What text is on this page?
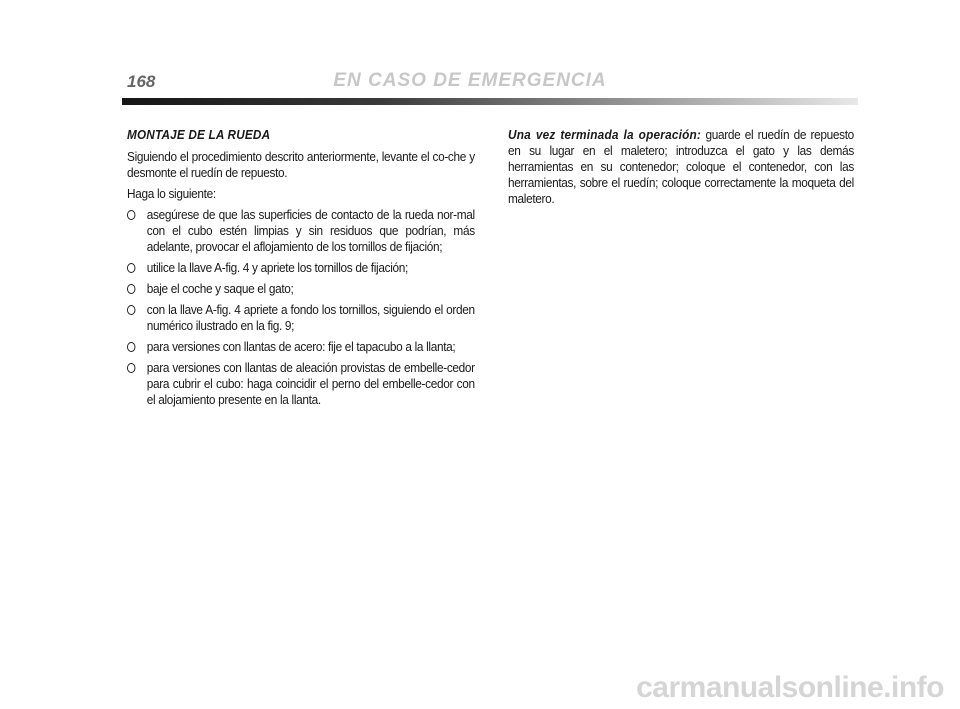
168	EN CASO DE EMERGENCIA
MONTAJE DE LA RUEDA

Siguiendo el procedimiento descrito anteriormente, levante el co-che y desmonte el ruedín de repuesto.

Haga lo siguiente:

asegúrese de que las superficies de contacto de la rueda nor-mal con el cubo estén limpias y sin residuos que podrían, más adelante, provocar el aflojamiento de los tornillos de fijación;
utilice la llave A-fig. 4 y apriete los tornillos de fijación;
baje el coche y saque el gato;
con la llave A-fig. 4 apriete a fondo los tornillos, siguiendo el orden numérico ilustrado en la fig. 9;
para versiones con llantas de acero: fije el tapacubo a la llanta;
para versiones con llantas de aleación provistas de embelle-cedor para cubrir el cubo: haga coincidir el perno del embelle-cedor con el alojamiento presente en la llanta.

Una vez terminada la operación: guarde el ruedín de repuesto en su lugar en el maletero; introduzca el gato y las demás herramientas en su contenedor; coloque el contenedor, con las herramientas, sobre el ruedín; coloque correctamente la moqueta del maletero.

carmanualsonline.info
